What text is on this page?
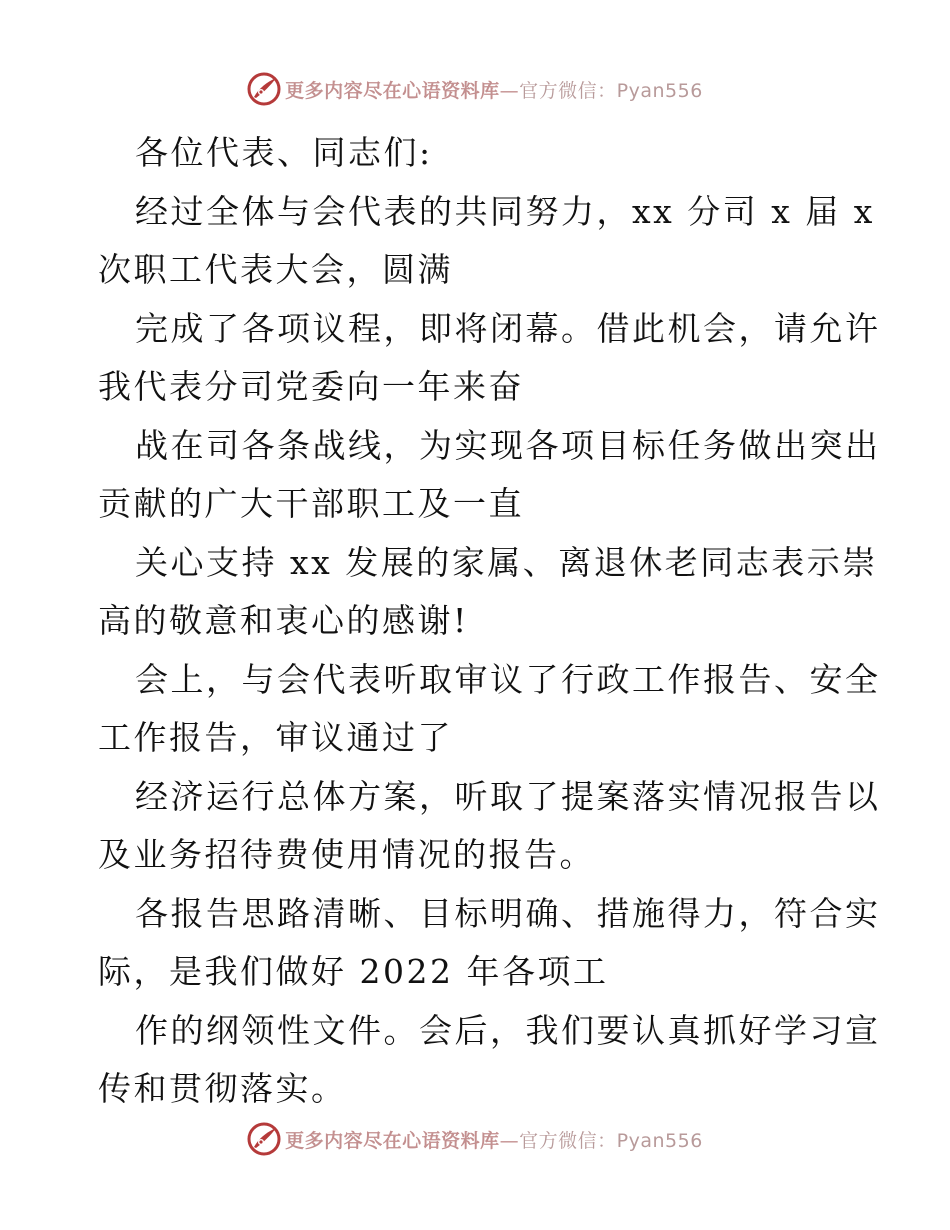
更多内容尽在心语资料库—官方微信：Pyan556
各位代表、同志们:
经过全体与会代表的共同努力，xx 分司 x 届 x
次职工代表大会，圆满
完成了各项议程，即将闭幕。借此机会，请允许
我代表分司党委向一年来奋
战在司各条战线，为实现各项目标任务做出突出
贡献的广大干部职工及一直
关心支持 xx 发展的家属、离退休老同志表示崇
高的敬意和衷心的感谢!
会上，与会代表听取审议了行政工作报告、安全
工作报告，审议通过了
经济运行总体方案，听取了提案落实情况报告以
及业务招待费使用情况的报告。
各报告思路清晰、目标明确、措施得力，符合实
际，是我们做好 2022 年各项工
作的纲领性文件。会后，我们要认真抓好学习宣
传和贯彻落实。
更多内容尽在心语资料库—官方微信：Pyan556
